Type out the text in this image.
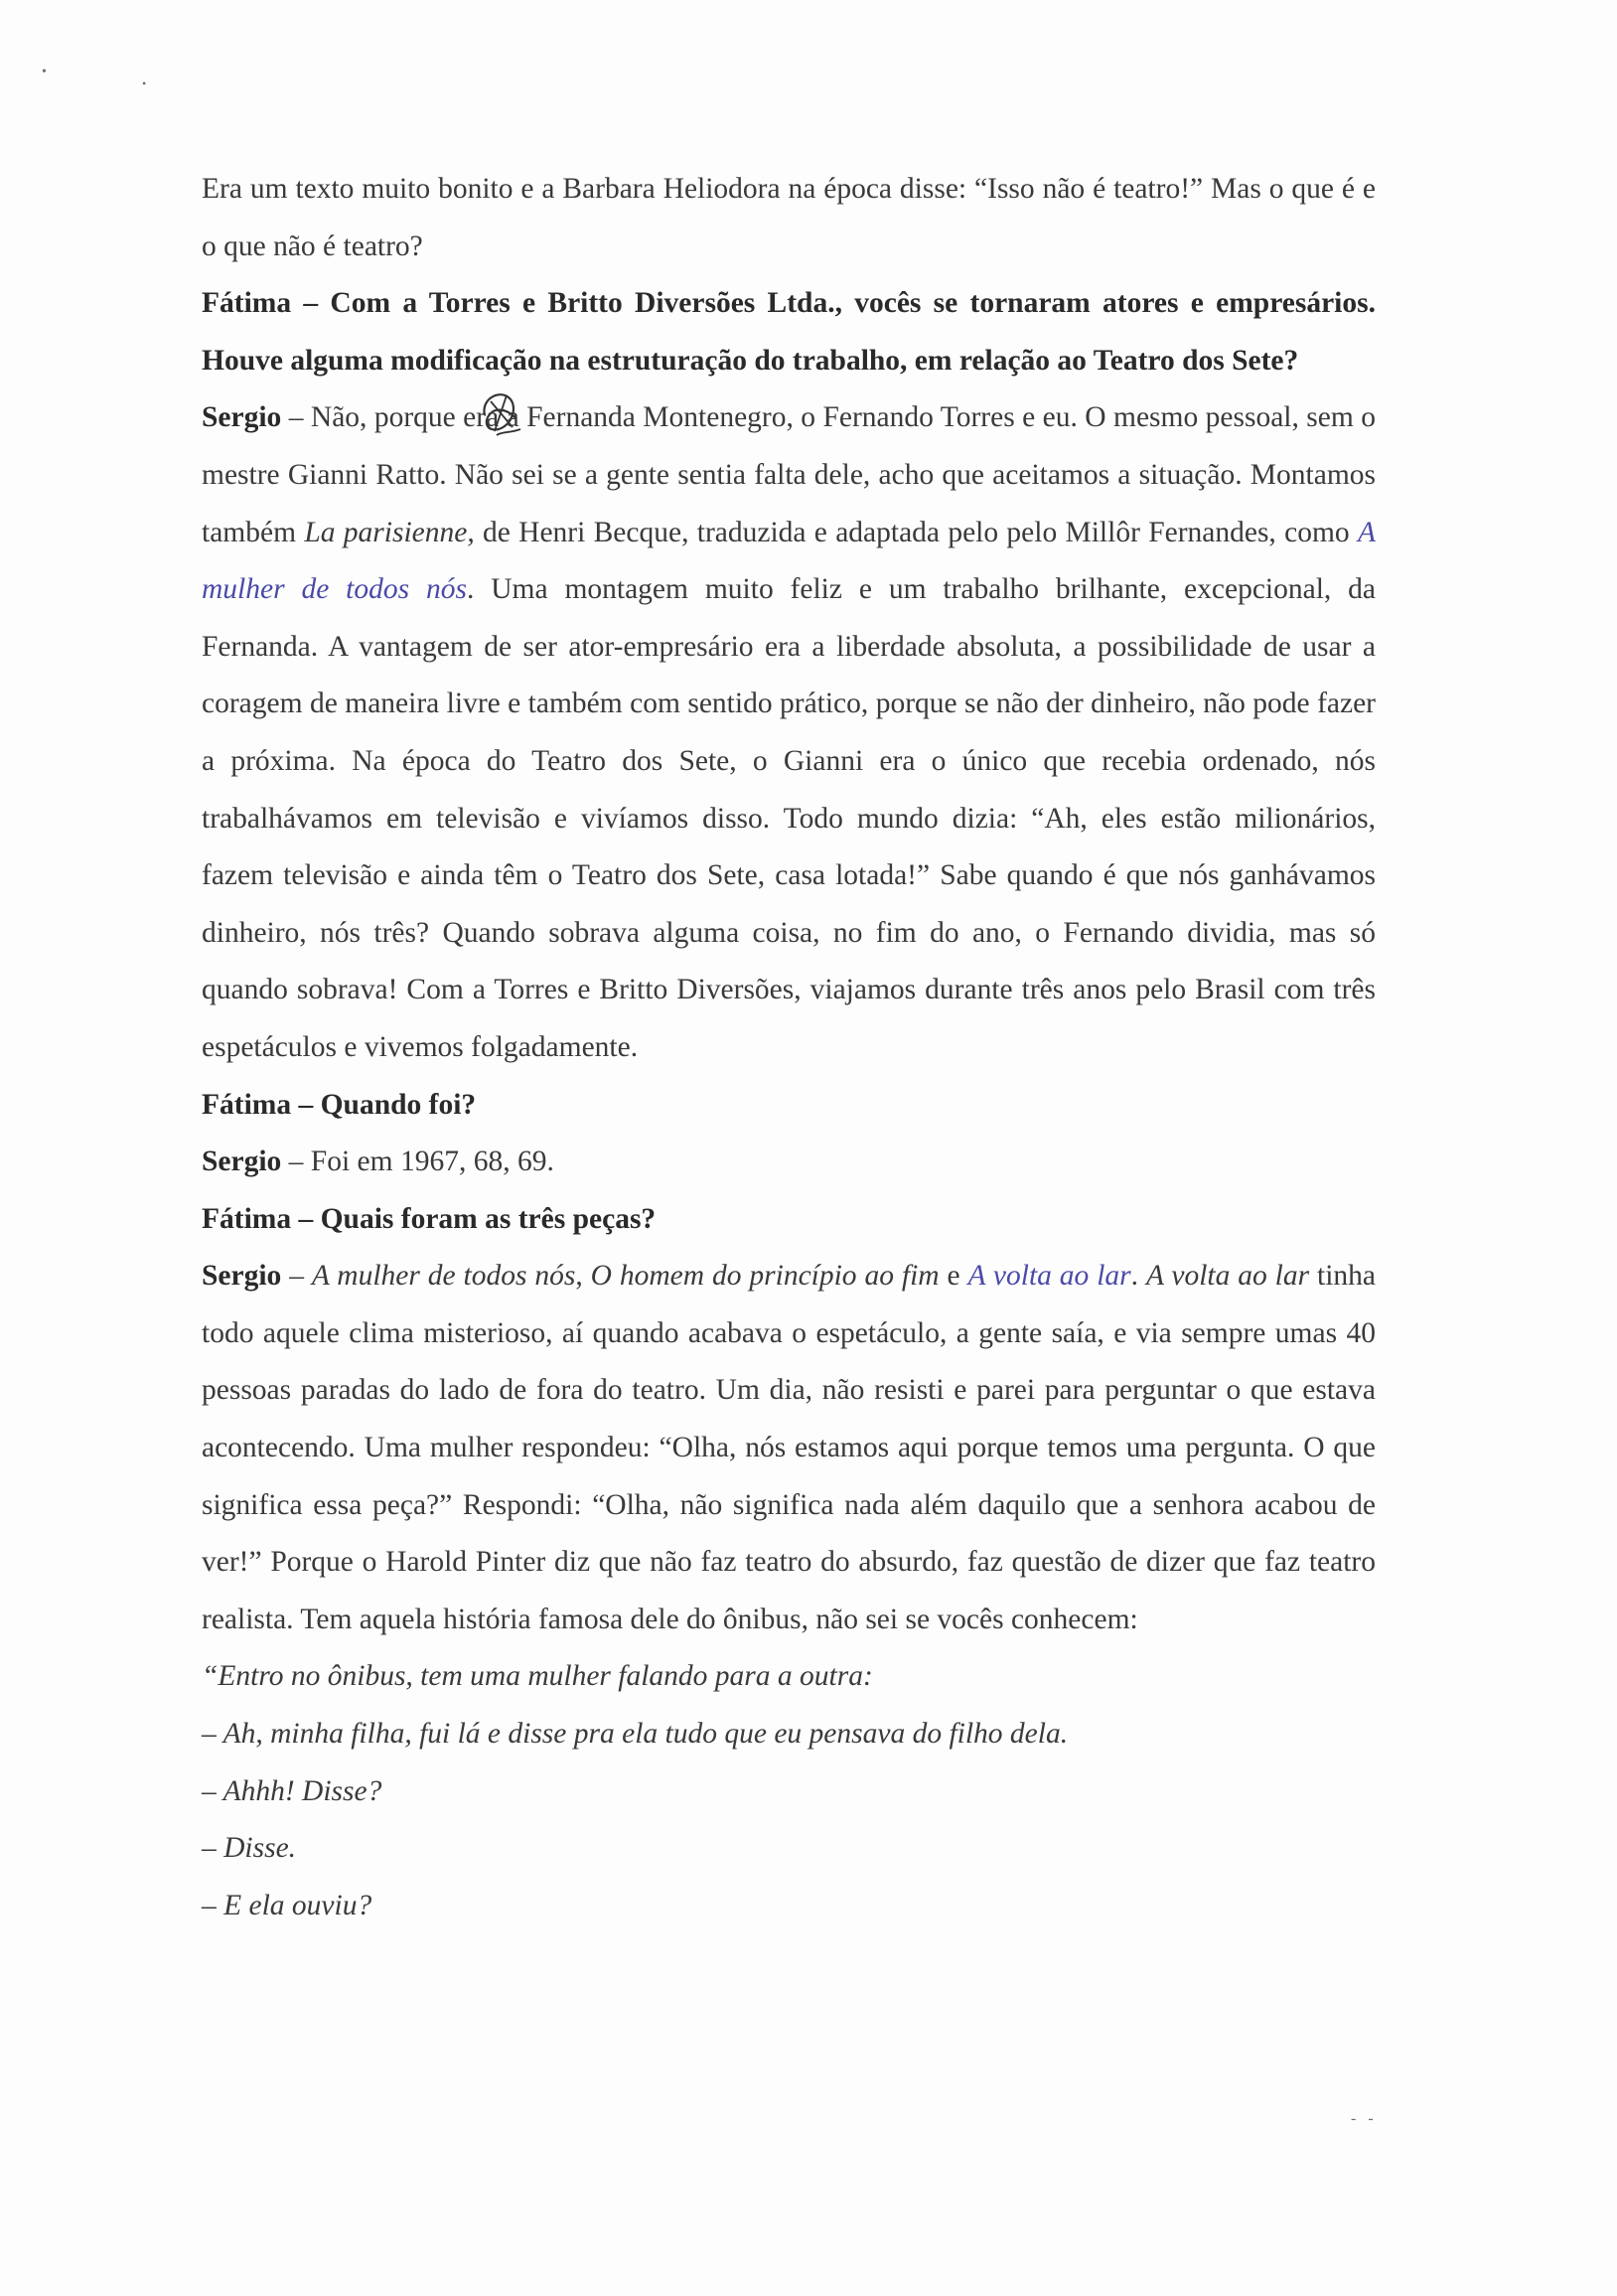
•
•
- -

Era um texto muito bonito e a Barbara Heliodora na época disse: “Isso não é teatro!” Mas o que é e o que não é teatro?

Fátima – Com a Torres e Britto Diversões Ltda., vocês se tornaram atores e empresários. Houve alguma modificação na estruturação do trabalho, em relação ao Teatro dos Sete?

Sergio – Não, porque era a Fernanda Montenegro, o Fernando Torres e eu. O mesmo pessoal, sem o mestre Gianni Ratto. Não sei se a gente sentia falta dele, acho que aceitamos a situação. Montamos também La parisienne, de Henri Becque, traduzida e adaptada pelo pelo Millôr Fernandes, como A mulher de todos nós. Uma montagem muito feliz e um trabalho brilhante, excepcional, da Fernanda. A vantagem de ser ator-empresário era a liberdade absoluta, a possibilidade de usar a coragem de maneira livre e também com sentido prático, porque se não der dinheiro, não pode fazer a próxima. Na época do Teatro dos Sete, o Gianni era o único que recebia ordenado, nós trabalhávamos em televisão e vivíamos disso. Todo mundo dizia: “Ah, eles estão milionários, fazem televisão e ainda têm o Teatro dos Sete, casa lotada!” Sabe quando é que nós ganhávamos dinheiro, nós três? Quando sobrava alguma coisa, no fim do ano, o Fernando dividia, mas só quando sobrava! Com a Torres e Britto Diversões, viajamos durante três anos pelo Brasil com três espetáculos e vivemos folgadamente.

Fátima – Quando foi?

Sergio – Foi em 1967, 68, 69.

Fátima – Quais foram as três peças?

Sergio – A mulher de todos nós, O homem do princípio ao fim e A volta ao lar. A volta ao lar tinha todo aquele clima misterioso, aí quando acabava o espetáculo, a gente saía, e via sempre umas 40 pessoas paradas do lado de fora do teatro. Um dia, não resisti e parei para perguntar o que estava acontecendo. Uma mulher respondeu: “Olha, nós estamos aqui porque temos uma pergunta. O que significa essa peça?” Respondi: “Olha, não significa nada além daquilo que a senhora acabou de ver!” Porque o Harold Pinter diz que não faz teatro do absurdo, faz questão de dizer que faz teatro realista. Tem aquela história famosa dele do ônibus, não sei se vocês conhecem:

“Entro no ônibus, tem uma mulher falando para a outra:

– Ah, minha filha, fui lá e disse pra ela tudo que eu pensava do filho dela.

– Ahhh! Disse?

– Disse.

– E ela ouviu?
